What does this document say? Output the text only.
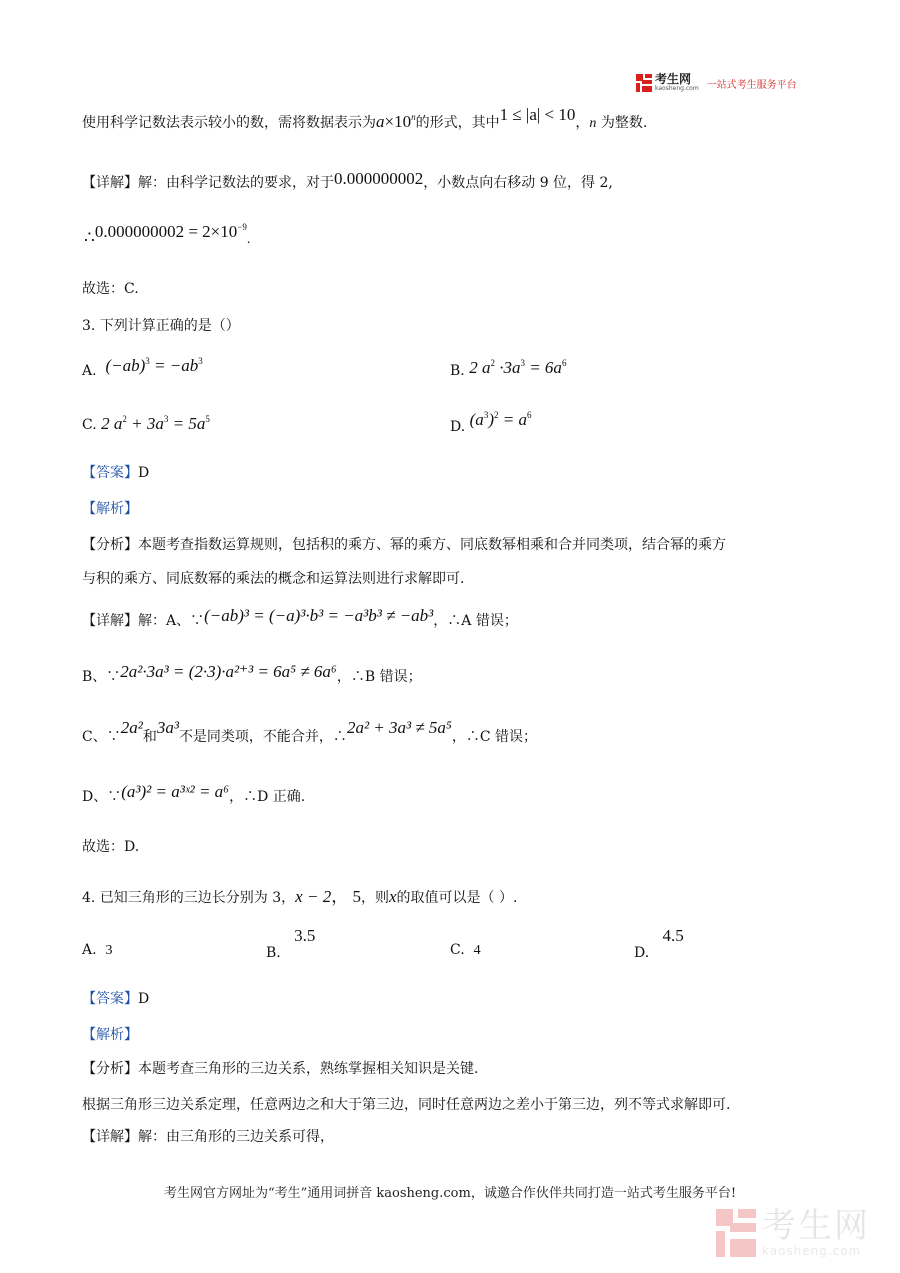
考生网
kaosheng.com 一站式考生服务平台
使用科学记数法表示较小的数，需将数据表示为$a\times 10^n$的形式，其中1 ≤ |a| < 10，n 为整数.
【详解】解：由科学记数法的要求，对于0.000000002，小数点向右移动 9 位，得 2,
∴0.000000002 = $2\times 10^{-9}$.
故选：C.
3. 下列计算正确的是（）
A. $(-ab)^3 = -ab^3$
B. 2 $a^2 \cdot 3a^3 = 6a^6$
C. 2 $a^2 + 3a^3 = 5a^5$	D. $(a^3)^2 = a^6$
【答案】D
【解析】
【分析】本题考查指数运算规则，包括积的乘方、幂的乘方、同底数幂相乘和合并同类项，结合幂的乘方
与积的乘方、同底数幂的乘法的概念和运算法则进行求解即可.
【详解】解：A、∵(−ab)³ = (−a)³·b³ = −a³b³ ≠ −ab³，∴A 错误；
B、∵2a²·3a³ = (2·3)·a²⁺³ = 6a⁵ ≠ 6a⁶，∴B 错误；
C、∵2a²和3a³不是同类项，不能合并，∴2a² + 3a³ ≠ 5a⁵，∴C 错误；
D、∵(a³)² = a³ˣ² = a⁶，∴D 正确.
故选：D.
4. 已知三角形的三边长分别为 3，x − 2， 5，则x的取值可以是（ ）.
A. 3	B.   3.5
C. 4	D.   4.5
【答案】D
【解析】
【分析】本题考查三角形的三边关系，熟练掌握相关知识是关键.
根据三角形三边关系定理，任意两边之和大于第三边，同时任意两边之差小于第三边，列不等式求解即可.
【详解】解：由三角形的三边关系可得，
考生网官方网址为“考生”通用词拼音 kaosheng.com，诚邀合作伙伴共同打造一站式考生服务平台!
考生网
kaosheng.com
